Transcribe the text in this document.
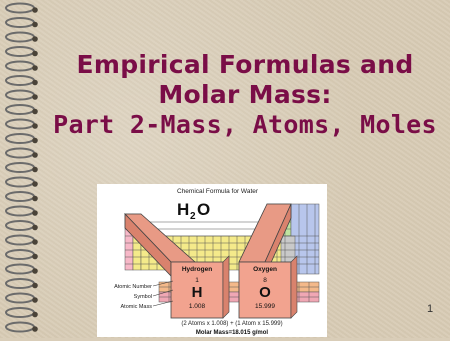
Empirical Formulas and
Molar Mass:
Part 2-Mass, Atoms, Moles
Chemical Formula for Water
H 2 O
Hydrogen
1
H
1.008
Oxygen
8
O
15.999
Atomic Number
Symbol
Atomic Mass
(2 Atoms x 1.008) + (1 Atom x 15.999)
Molar Mass=18.015 g/mol
1
